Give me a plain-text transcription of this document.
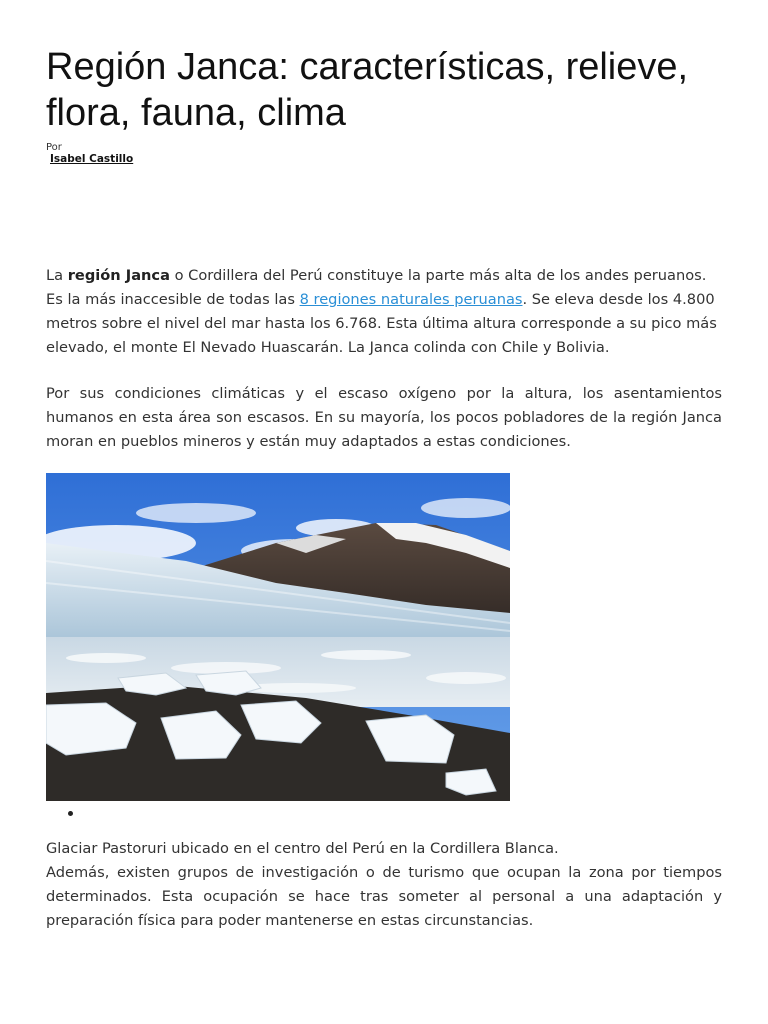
Región Janca: características, relieve, flora, fauna, clima
Por
Isabel Castillo

La región Janca o Cordillera del Perú constituye la parte más alta de los andes peruanos. Es la más inaccesible de todas las 8 regiones naturales peruanas. Se eleva desde los 4.800 metros sobre el nivel del mar hasta los 6.768. Esta última altura corresponde a su pico más elevado, el monte El Nevado Huascarán. La Janca colinda con Chile y Bolivia.

Por sus condiciones climáticas y el escaso oxígeno por la altura, los asentamientos humanos en esta área son escasos. En su mayoría, los pocos pobladores de la región Janca moran en pueblos mineros y están muy adaptados a estas condiciones.

Glaciar Pastoruri ubicado en el centro del Perú en la Cordillera Blanca.

Además, existen grupos de investigación o de turismo que ocupan la zona por tiempos determinados. Esta ocupación se hace tras someter al personal a una adaptación y preparación física para poder mantenerse en estas circunstancias.
